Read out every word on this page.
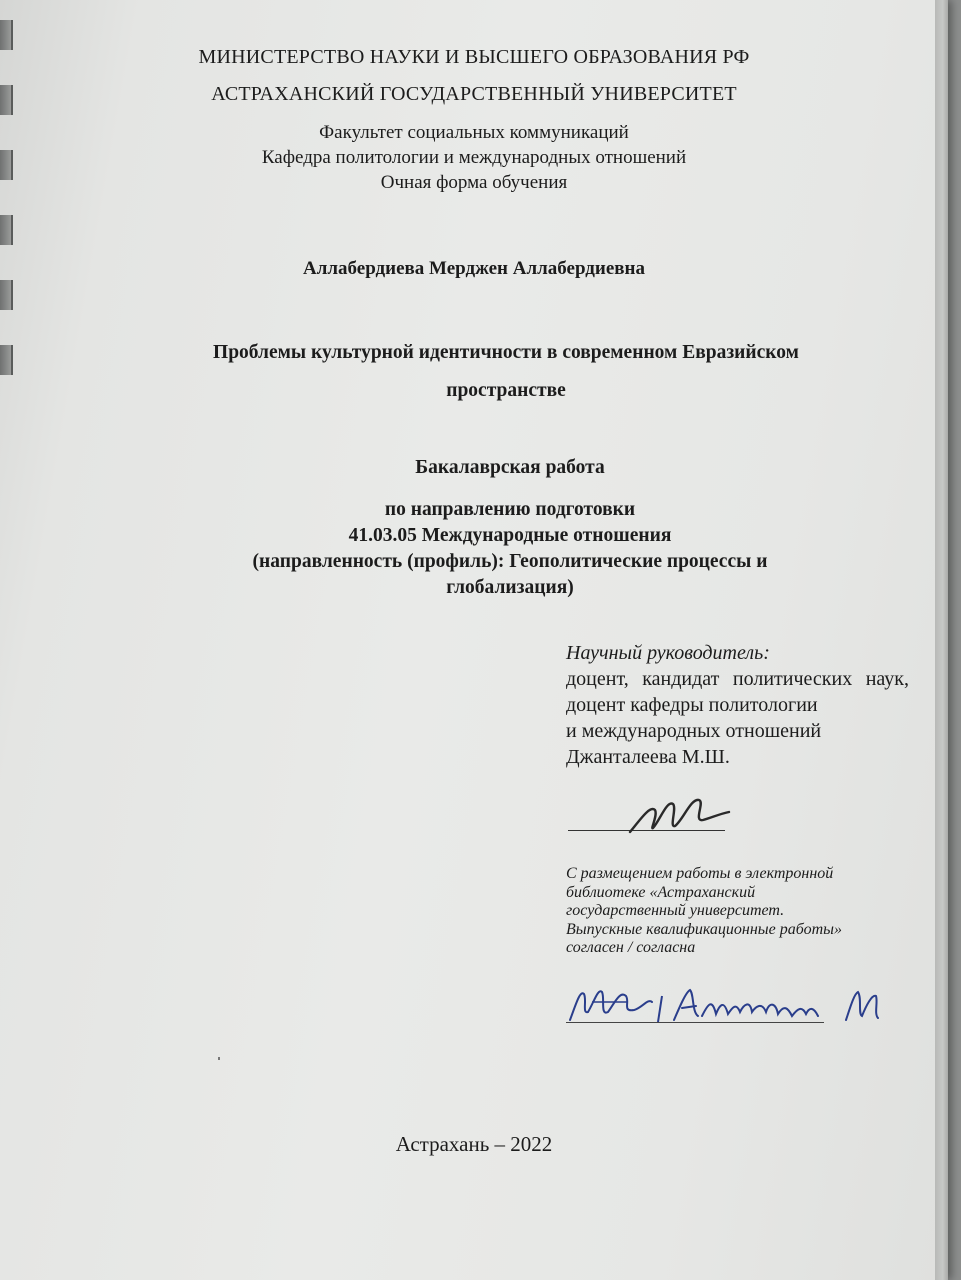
МИНИСТЕРСТВО НАУКИ И ВЫСШЕГО ОБРАЗОВАНИЯ РФ
АСТРАХАНСКИЙ ГОСУДАРСТВЕННЫЙ УНИВЕРСИТЕТ
Факультет социальных коммуникаций
Кафедра политологии и международных отношений
Очная форма обучения
Аллабердиева Мерджен Аллабердиевна
Проблемы культурной идентичности в современном Евразийском
пространстве
Бакалаврская работа
по направлению подготовки
41.03.05 Международные отношения
(направленность (профиль): Геополитические процессы и
глобализация)
Научный руководитель:
доцент, кандидат политических наук, доцент кафедры политологии
и международных отношений
Джанталеева М.Ш.
С размещением работы в электронной
библиотеке «Астраханский
государственный университет.
Выпускные квалификационные работы»
согласен / согласна
Астрахань – 2022
